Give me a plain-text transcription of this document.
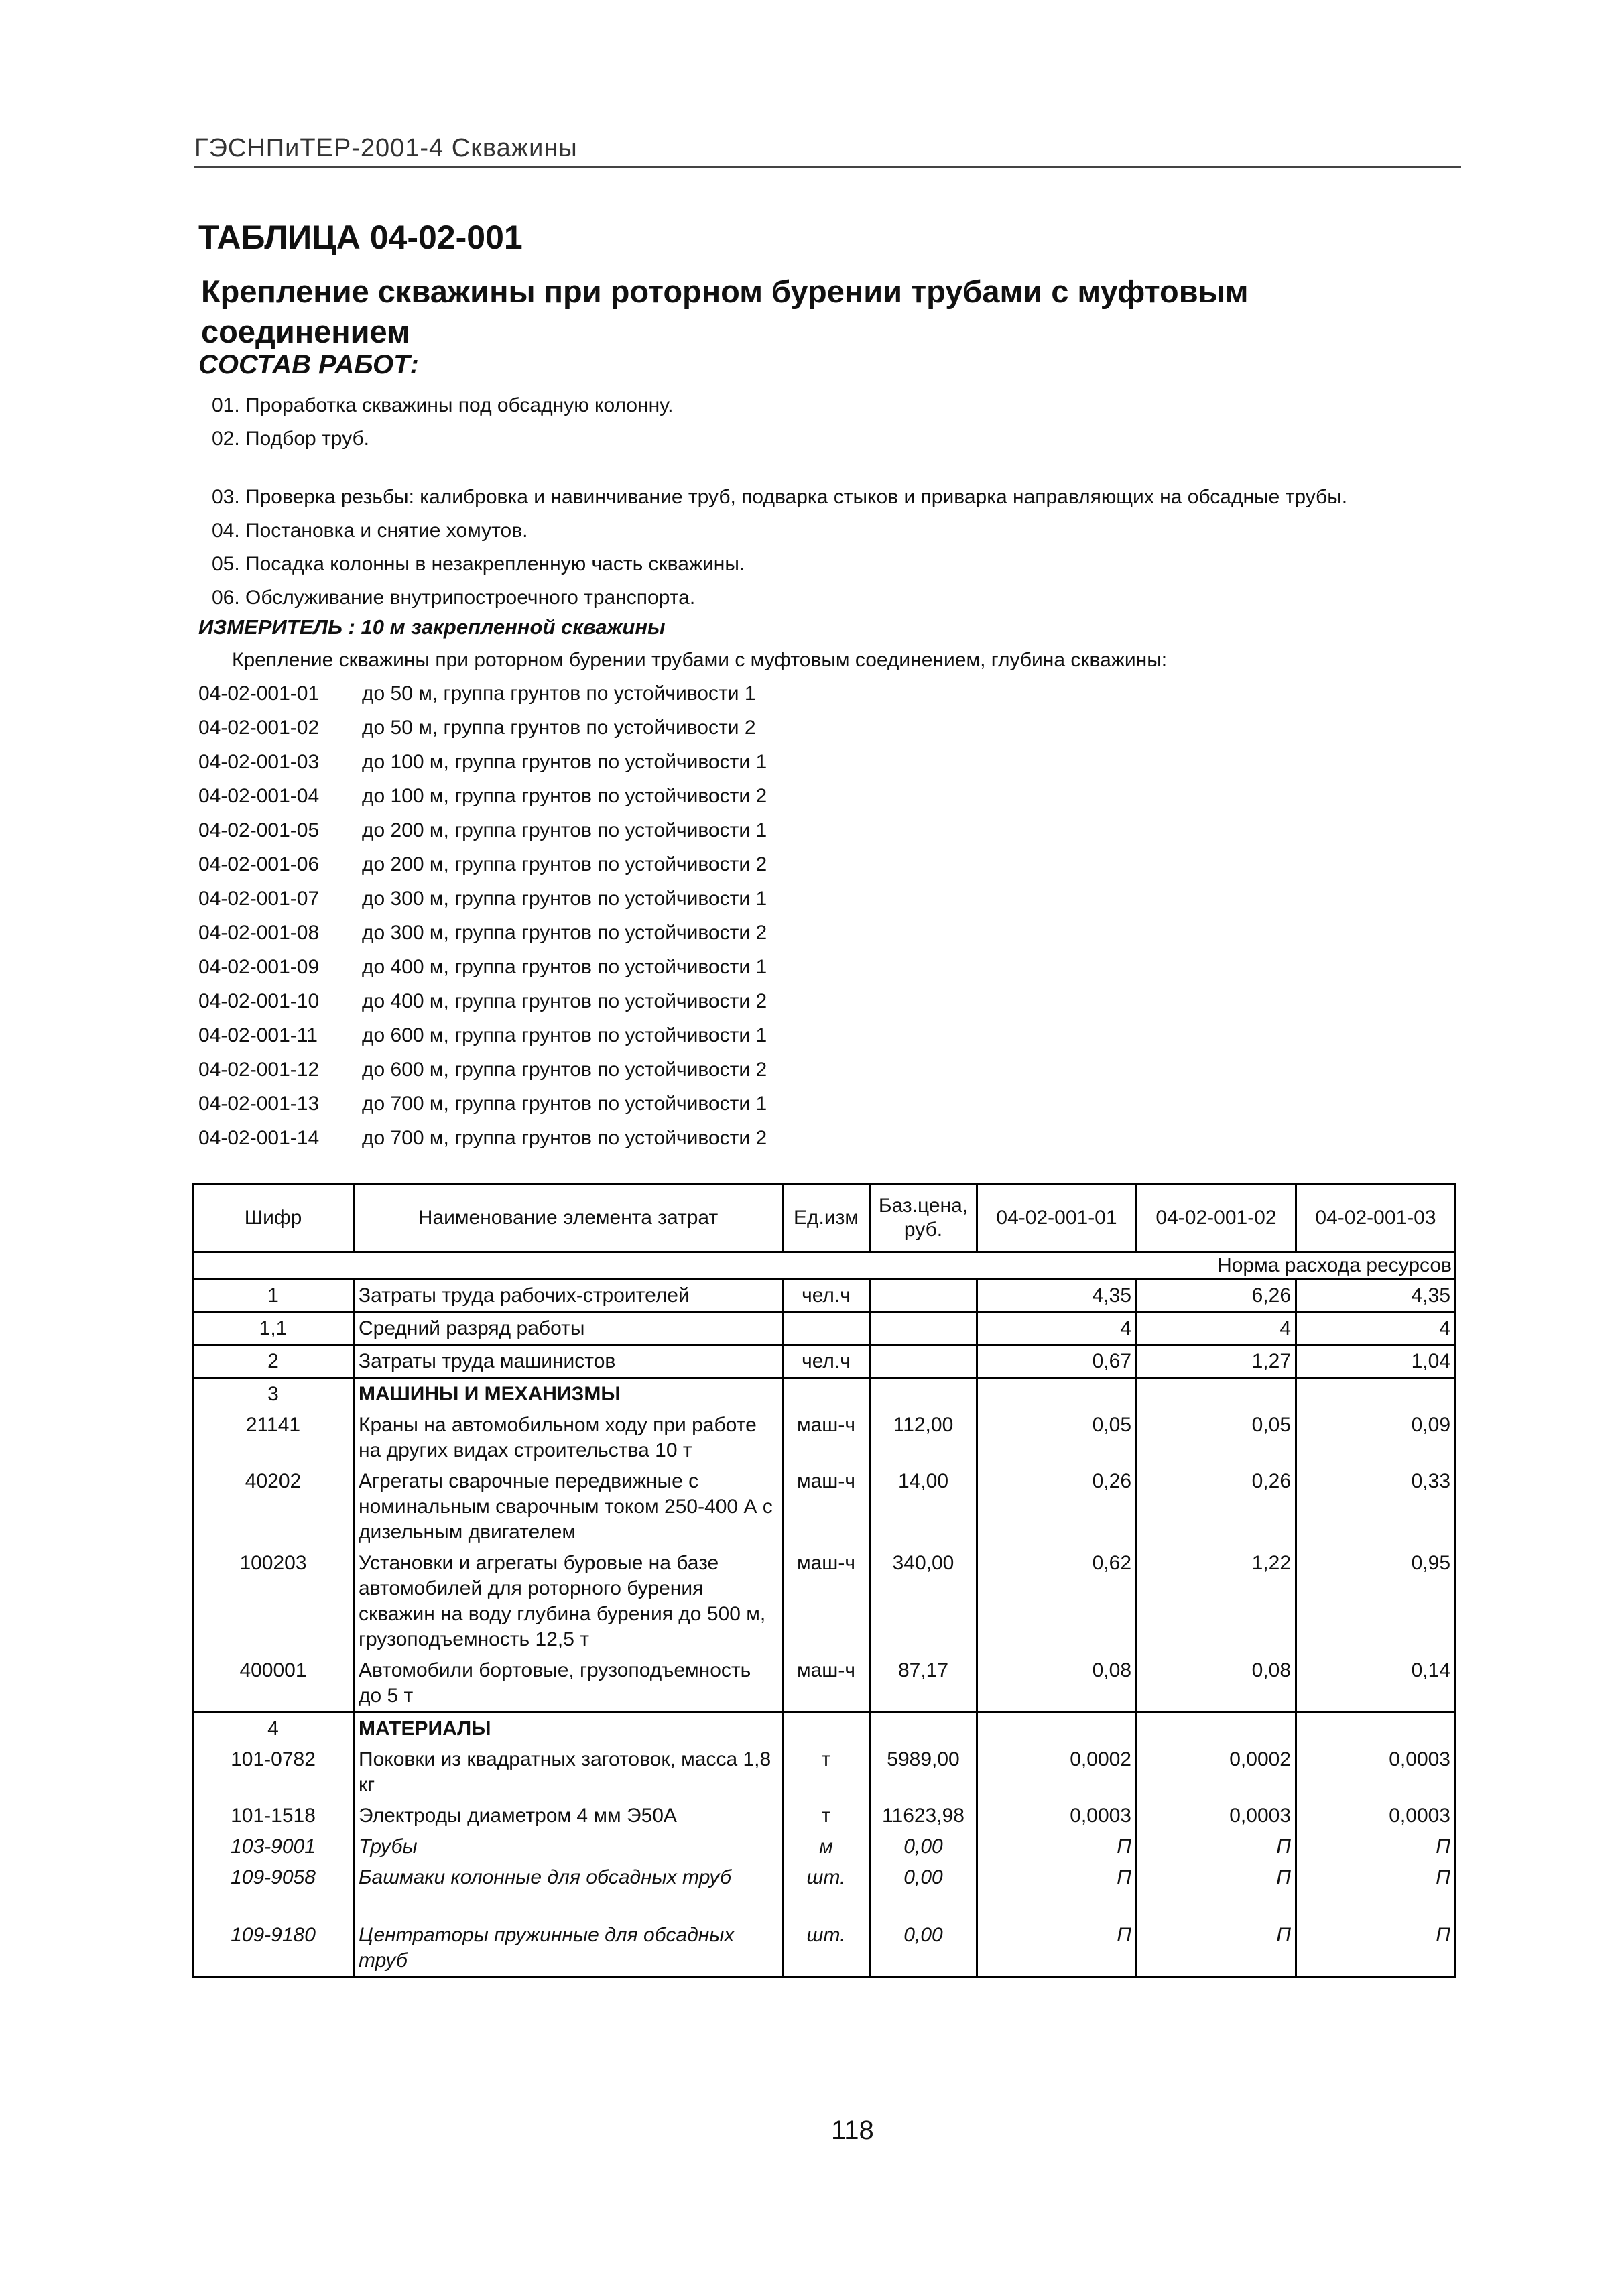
ГЭСНПиТЕР-2001-4 Скважины
ТАБЛИЦА 04-02-001
Крепление скважины при роторном бурении трубами с муфтовым
соединением
СОСТАВ РАБОТ:
01. Проработка скважины под обсадную колонну.
02. Подбор труб.
03. Проверка резьбы: калибровка и навинчивание труб, подварка стыков и приварка направляющих на обсадные трубы.
04. Постановка и снятие хомутов.
05. Посадка колонны в незакрепленную часть скважины.
06. Обслуживание внутрипостроечного транспорта.
ИЗМЕРИТЕЛЬ : 10 м закрепленной скважины
Крепление скважины при роторном бурении трубами с муфтовым соединением, глубина скважины:
04-02-001-01 до 50 м, группа грунтов по устойчивости 1
04-02-001-02 до 50 м, группа грунтов по устойчивости 2
04-02-001-03 до 100 м, группа грунтов по устойчивости 1
04-02-001-04 до 100 м, группа грунтов по устойчивости 2
04-02-001-05 до 200 м, группа грунтов по устойчивости 1
04-02-001-06 до 200 м, группа грунтов по устойчивости 2
04-02-001-07 до 300 м, группа грунтов по устойчивости 1
04-02-001-08 до 300 м, группа грунтов по устойчивости 2
04-02-001-09 до 400 м, группа грунтов по устойчивости 1
04-02-001-10 до 400 м, группа грунтов по устойчивости 2
04-02-001-11 до 600 м, группа грунтов по устойчивости 1
04-02-001-12 до 600 м, группа грунтов по устойчивости 2
04-02-001-13 до 700 м, группа грунтов по устойчивости 1
04-02-001-14 до 700 м, группа грунтов по устойчивости 2
Шифр	Наименование элемента затрат	Ед.изм	Баз.цена, руб.	04-02-001-01	04-02-001-02	04-02-001-03
Норма расхода ресурсов						
1	Затраты труда рабочих-строителей	чел.ч		4,35	6,26	4,35
1,1	Средний разряд работы			4	4	4
2	Затраты труда машинистов	чел.ч		0,67	1,27	1,04
3	МАШИНЫ И МЕХАНИЗМЫ					
21141	Краны на автомобильном ходу при работе на других видах строительства 10 т	маш-ч	112,00	0,05	0,05	0,09
40202	Агрегаты сварочные передвижные с номинальным сварочным током 250-400 А с дизельным двигателем	маш-ч	14,00	0,26	0,26	0,33
100203	Установки и агрегаты буровые на базе автомобилей для роторного бурения скважин на воду глубина бурения до 500 м, грузоподъемность 12,5 т	маш-ч	340,00	0,62	1,22	0,95
400001	Автомобили бортовые, грузоподъемность до 5 т	маш-ч	87,17	0,08	0,08	0,14
4	МАТЕРИАЛЫ					
101-0782	Поковки из квадратных заготовок, масса 1,8 кг	т	5989,00	0,0002	0,0002	0,0003
101-1518	Электроды диаметром 4 мм Э50А	т	11623,98	0,0003	0,0003	0,0003
103-9001	Трубы	м	0,00	П	П	П
109-9058	Башмаки колонные для обсадных труб	шт.	0,00	П	П	П
109-9180	Центраторы пружинные для обсадных труб	шт.	0,00	П	П	П
118
